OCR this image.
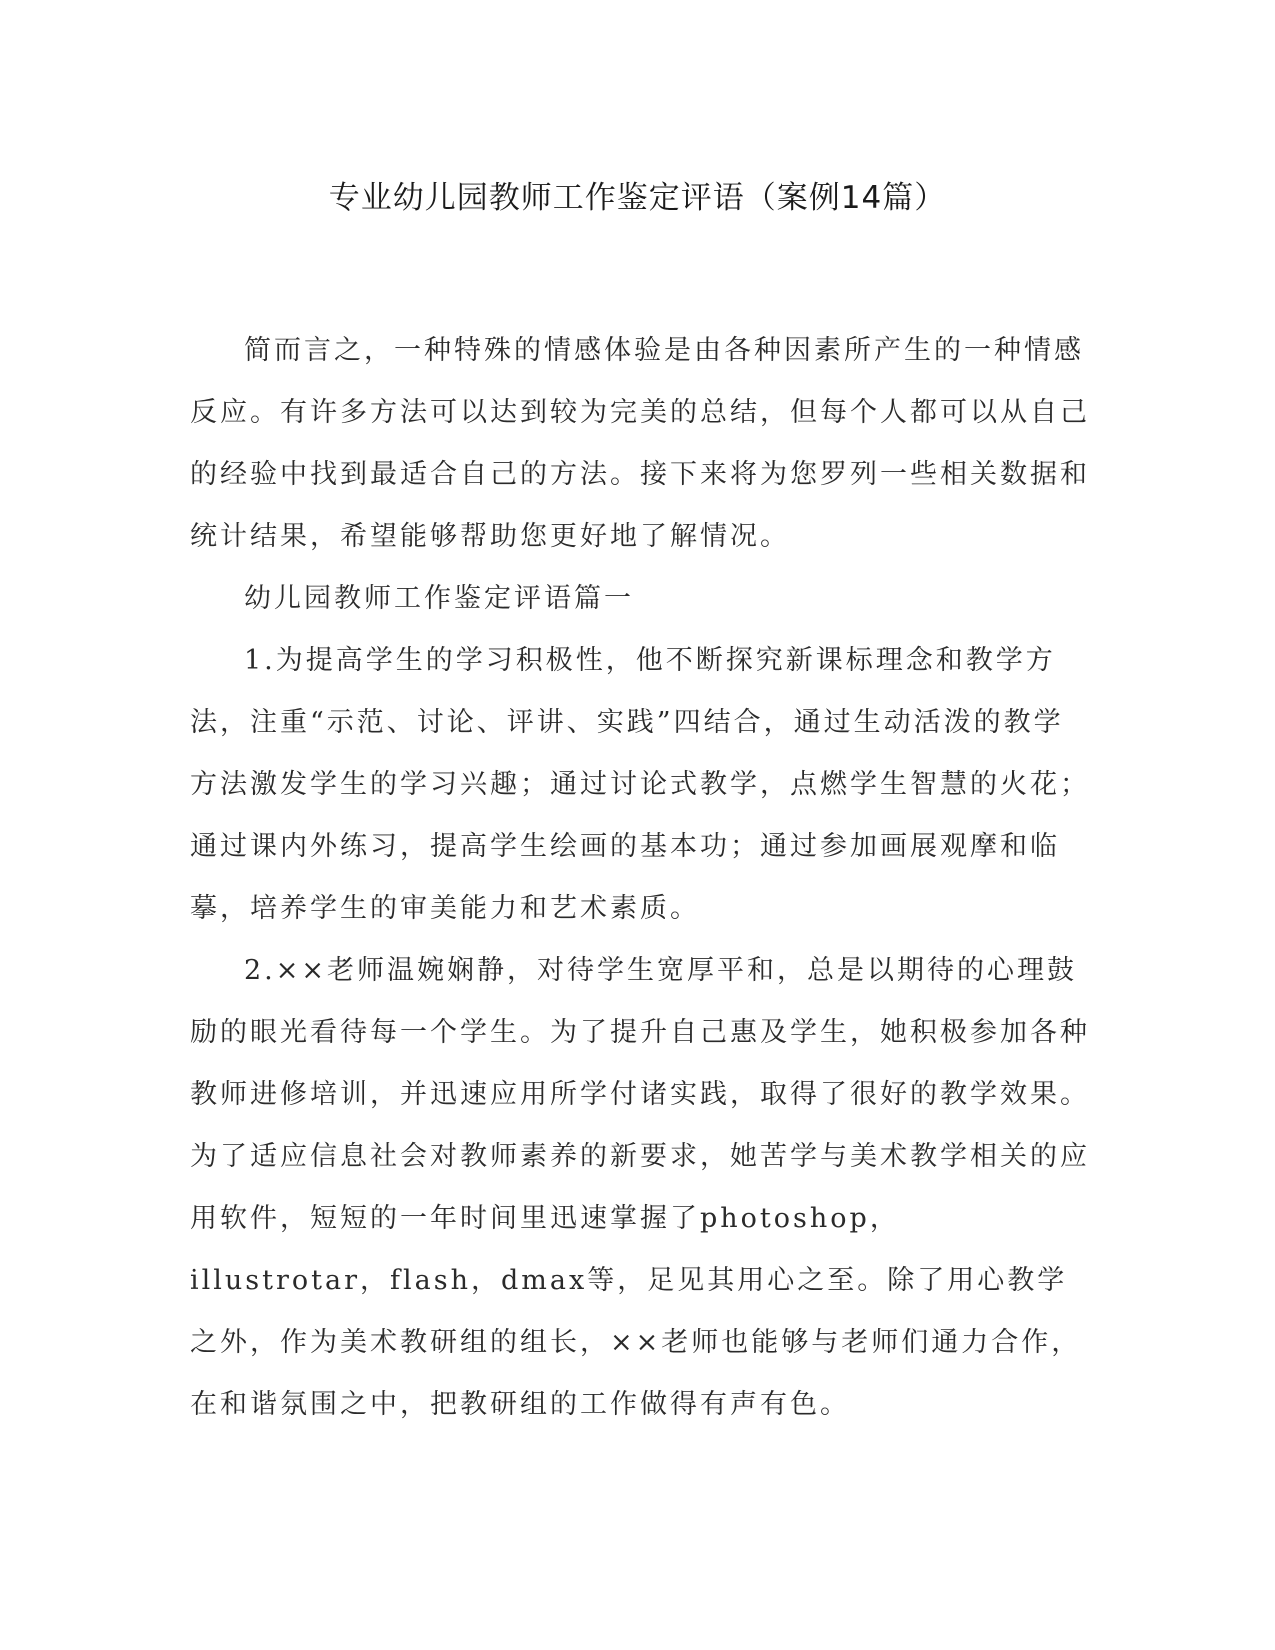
专业幼儿园教师工作鉴定评语（案例14篇）

简而言之，一种特殊的情感体验是由各种因素所产生的一种情感反应。有许多方法可以达到较为完美的总结，但每个人都可以从自己的经验中找到最适合自己的方法。接下来将为您罗列一些相关数据和统计结果，希望能够帮助您更好地了解情况。

幼儿园教师工作鉴定评语篇一

1.为提高学生的学习积极性，他不断探究新课标理念和教学方法，注重“示范、讨论、评讲、实践”四结合，通过生动活泼的教学方法激发学生的学习兴趣；通过讨论式教学，点燃学生智慧的火花；通过课内外练习，提高学生绘画的基本功；通过参加画展观摩和临摹，培养学生的审美能力和艺术素质。

2.××老师温婉娴静，对待学生宽厚平和，总是以期待的心理鼓励的眼光看待每一个学生。为了提升自己惠及学生，她积极参加各种教师进修培训，并迅速应用所学付诸实践，取得了很好的教学效果。为了适应信息社会对教师素养的新要求，她苦学与美术教学相关的应用软件，短短的一年时间里迅速掌握了photoshop，illustrotar，flash，dmax等，足见其用心之至。除了用心教学之外，作为美术教研组的组长，××老师也能够与老师们通力合作，在和谐氛围之中，把教研组的工作做得有声有色。
